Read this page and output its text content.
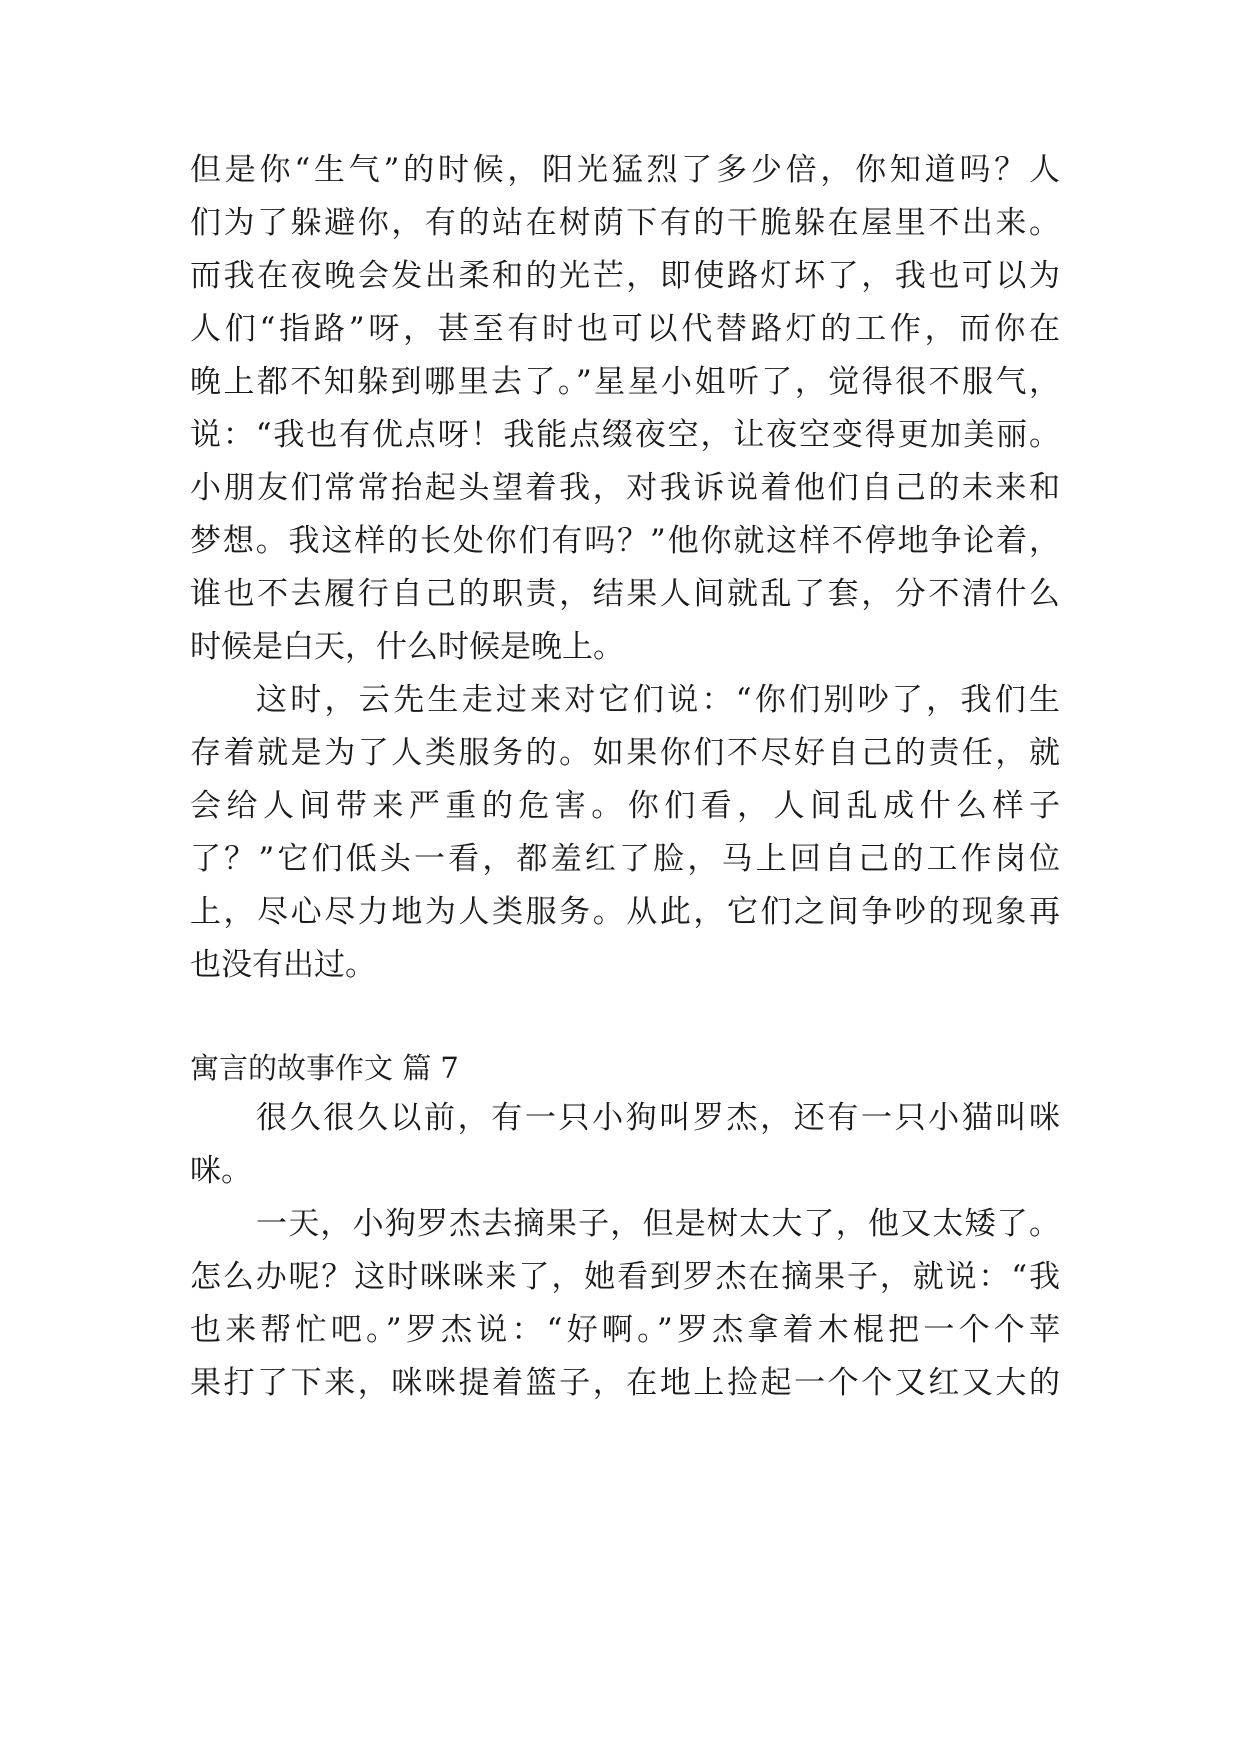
但是你“生气”的时候，阳光猛烈了多少倍，你知道吗？人
们为了躲避你，有的站在树荫下有的干脆躲在屋里不出来。
而我在夜晚会发出柔和的光芒，即使路灯坏了，我也可以为
人们“指路”呀，甚至有时也可以代替路灯的工作，而你在
晚上都不知躲到哪里去了。”星星小姐听了，觉得很不服气，
说：“我也有优点呀！我能点缀夜空，让夜空变得更加美丽。
小朋友们常常抬起头望着我，对我诉说着他们自己的未来和
梦想。我这样的长处你们有吗？”他你就这样不停地争论着，
谁也不去履行自己的职责，结果人间就乱了套，分不清什么
时候是白天，什么时候是晚上。
这时，云先生走过来对它们说：“你们别吵了，我们生
存着就是为了人类服务的。如果你们不尽好自己的责任，就
会给人间带来严重的危害。你们看，人间乱成什么样子
了？”它们低头一看，都羞红了脸，马上回自己的工作岗位
上，尽心尽力地为人类服务。从此，它们之间争吵的现象再
也没有出过。
寓言的故事作文 篇 7
很久很久以前，有一只小狗叫罗杰，还有一只小猫叫咪
咪。
一天，小狗罗杰去摘果子，但是树太大了，他又太矮了。
怎么办呢？这时咪咪来了，她看到罗杰在摘果子，就说：“我
也来帮忙吧。”罗杰说：“好啊。”罗杰拿着木棍把一个个苹
果打了下来，咪咪提着篮子，在地上捡起一个个又红又大的
